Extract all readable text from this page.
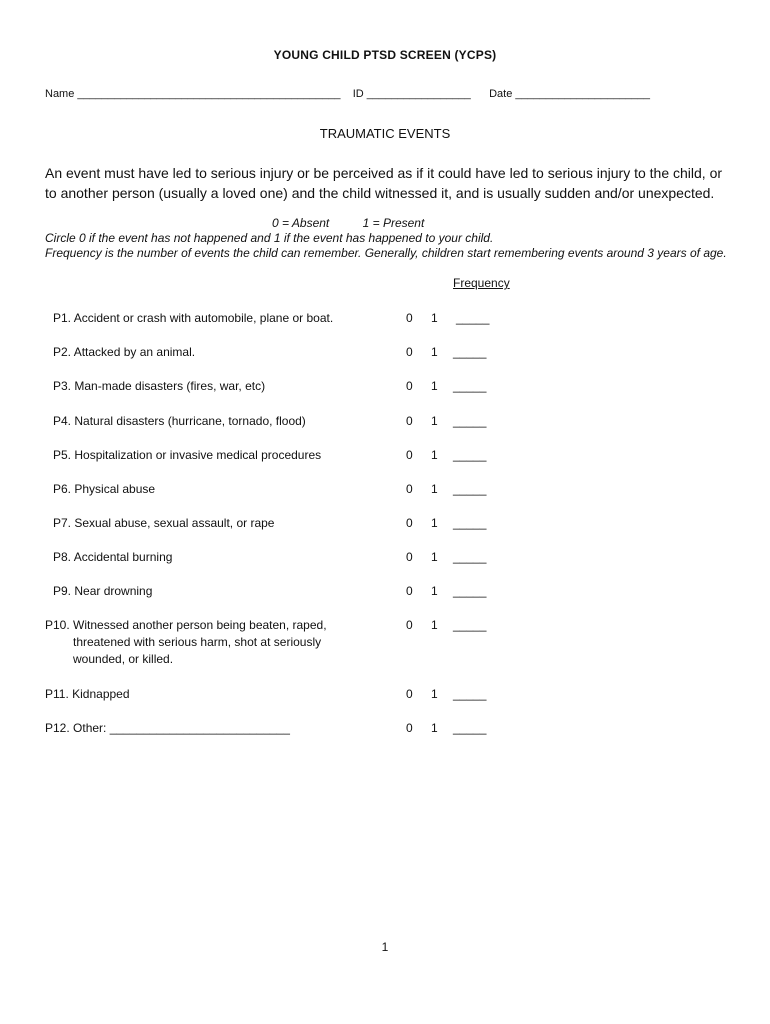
YOUNG CHILD PTSD SCREEN (YCPS)
Name ___________________________________________ ID _________________ Date ______________________
TRAUMATIC EVENTS
An event must have led to serious injury or be perceived as if it could have led to serious injury to the child, or to another person (usually a loved one) and the child witnessed it, and is usually sudden and/or unexpected.
0 = Absent	1 = Present
Circle 0 if the event has not happened and 1 if the event has happened to your child.
Frequency is the number of events the child can remember. Generally, children start remembering events around 3 years of age.
Frequency
P1. Accident or crash with automobile, plane or boat.	0 1 _____
P2. Attacked by an animal.	0 1 _____
P3. Man-made disasters (fires, war, etc)	0 1 _____
P4. Natural disasters (hurricane, tornado, flood)	0 1 _____
P5. Hospitalization or invasive medical procedures	0 1 _____
P6. Physical abuse	0 1 _____
P7. Sexual abuse, sexual assault, or rape	0 1 _____
P8. Accidental burning	0 1 _____
P9. Near drowning	0 1 _____
P10. Witnessed another person being beaten, raped,
threatened with serious harm, shot at seriously
wounded, or killed.
0 1 _____
P11. Kidnapped	0 1 _____
P12. Other: ___________________________	0 1 _____
1
